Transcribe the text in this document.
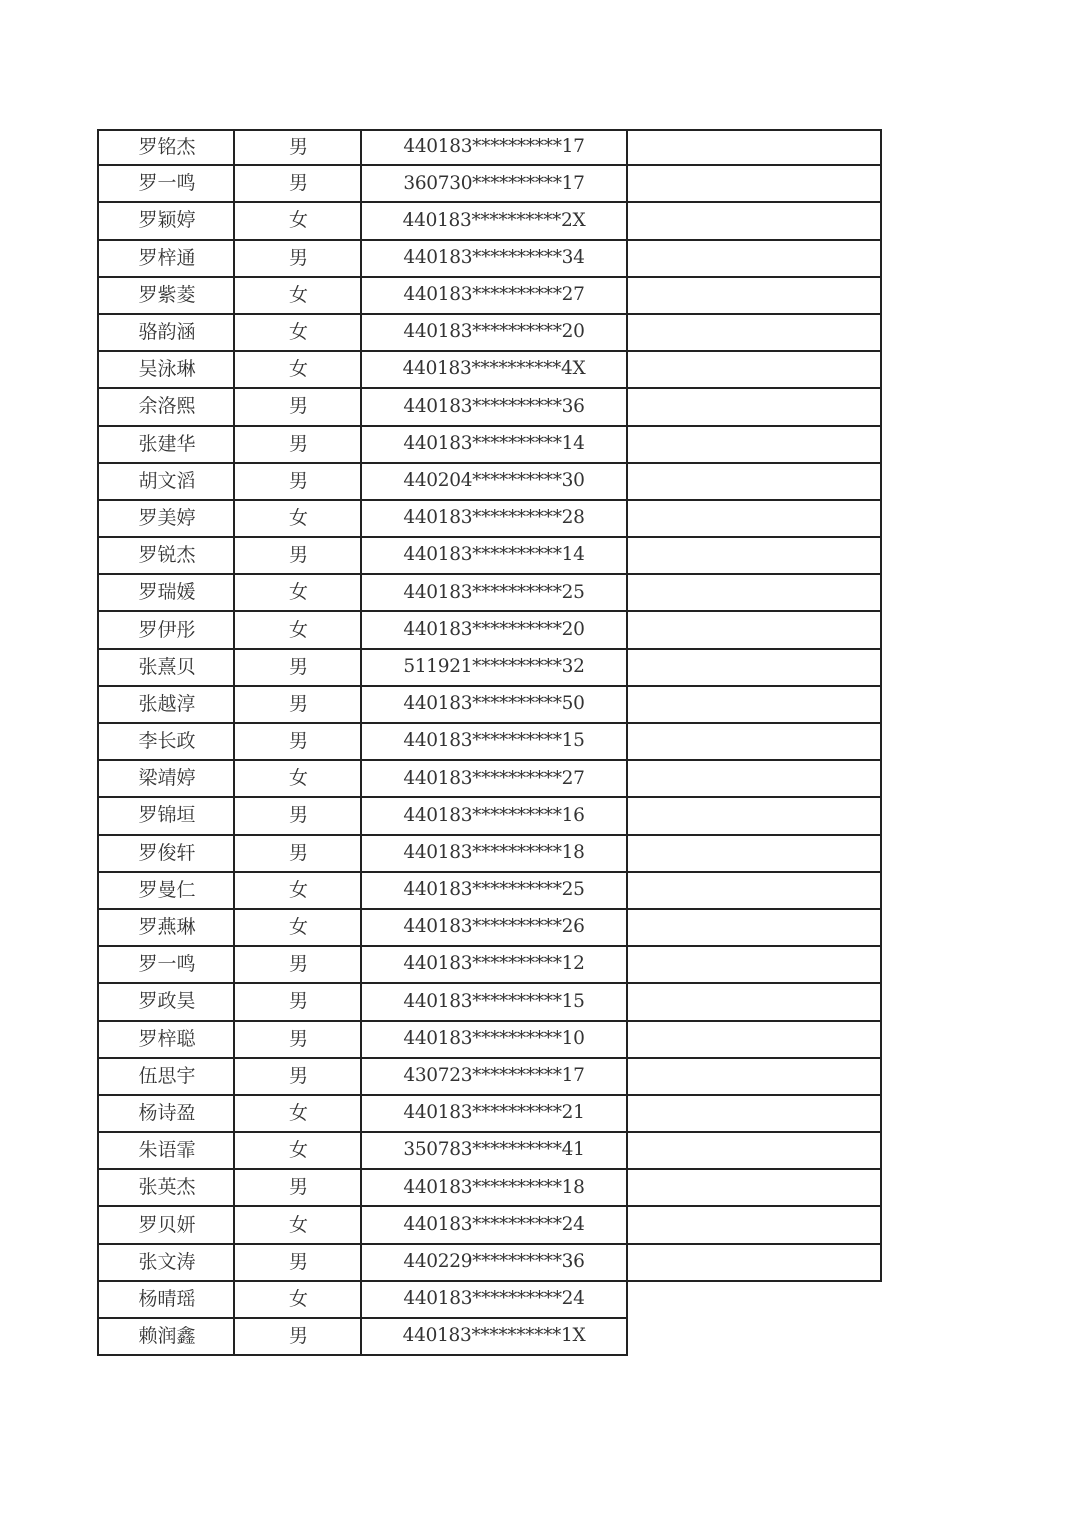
罗铭杰	男	440183**********17
罗一鸣	男	360730**********17
罗颖婷	女	440183**********2X
罗梓通	男	440183**********34
罗紫菱	女	440183**********27
骆韵涵	女	440183**********20
吴泳琳	女	440183**********4X
余洛熙	男	440183**********36
张建华	男	440183**********14
胡文滔	男	440204**********30
罗美婷	女	440183**********28
罗锐杰	男	440183**********14
罗瑞媛	女	440183**********25
罗伊彤	女	440183**********20
张熹贝	男	511921**********32
张越淳	男	440183**********50
李长政	男	440183**********15
梁靖婷	女	440183**********27
罗锦垣	男	440183**********16
罗俊轩	男	440183**********18
罗曼仁	女	440183**********25
罗燕琳	女	440183**********26
罗一鸣	男	440183**********12
罗政昊	男	440183**********15
罗梓聪	男	440183**********10
伍思宇	男	430723**********17
杨诗盈	女	440183**********21
朱语霏	女	350783**********41
张英杰	男	440183**********18
罗贝妍	女	440183**********24
张文涛	男	440229**********36
杨晴瑶	女	440183**********24
赖润鑫	男	440183**********1X
